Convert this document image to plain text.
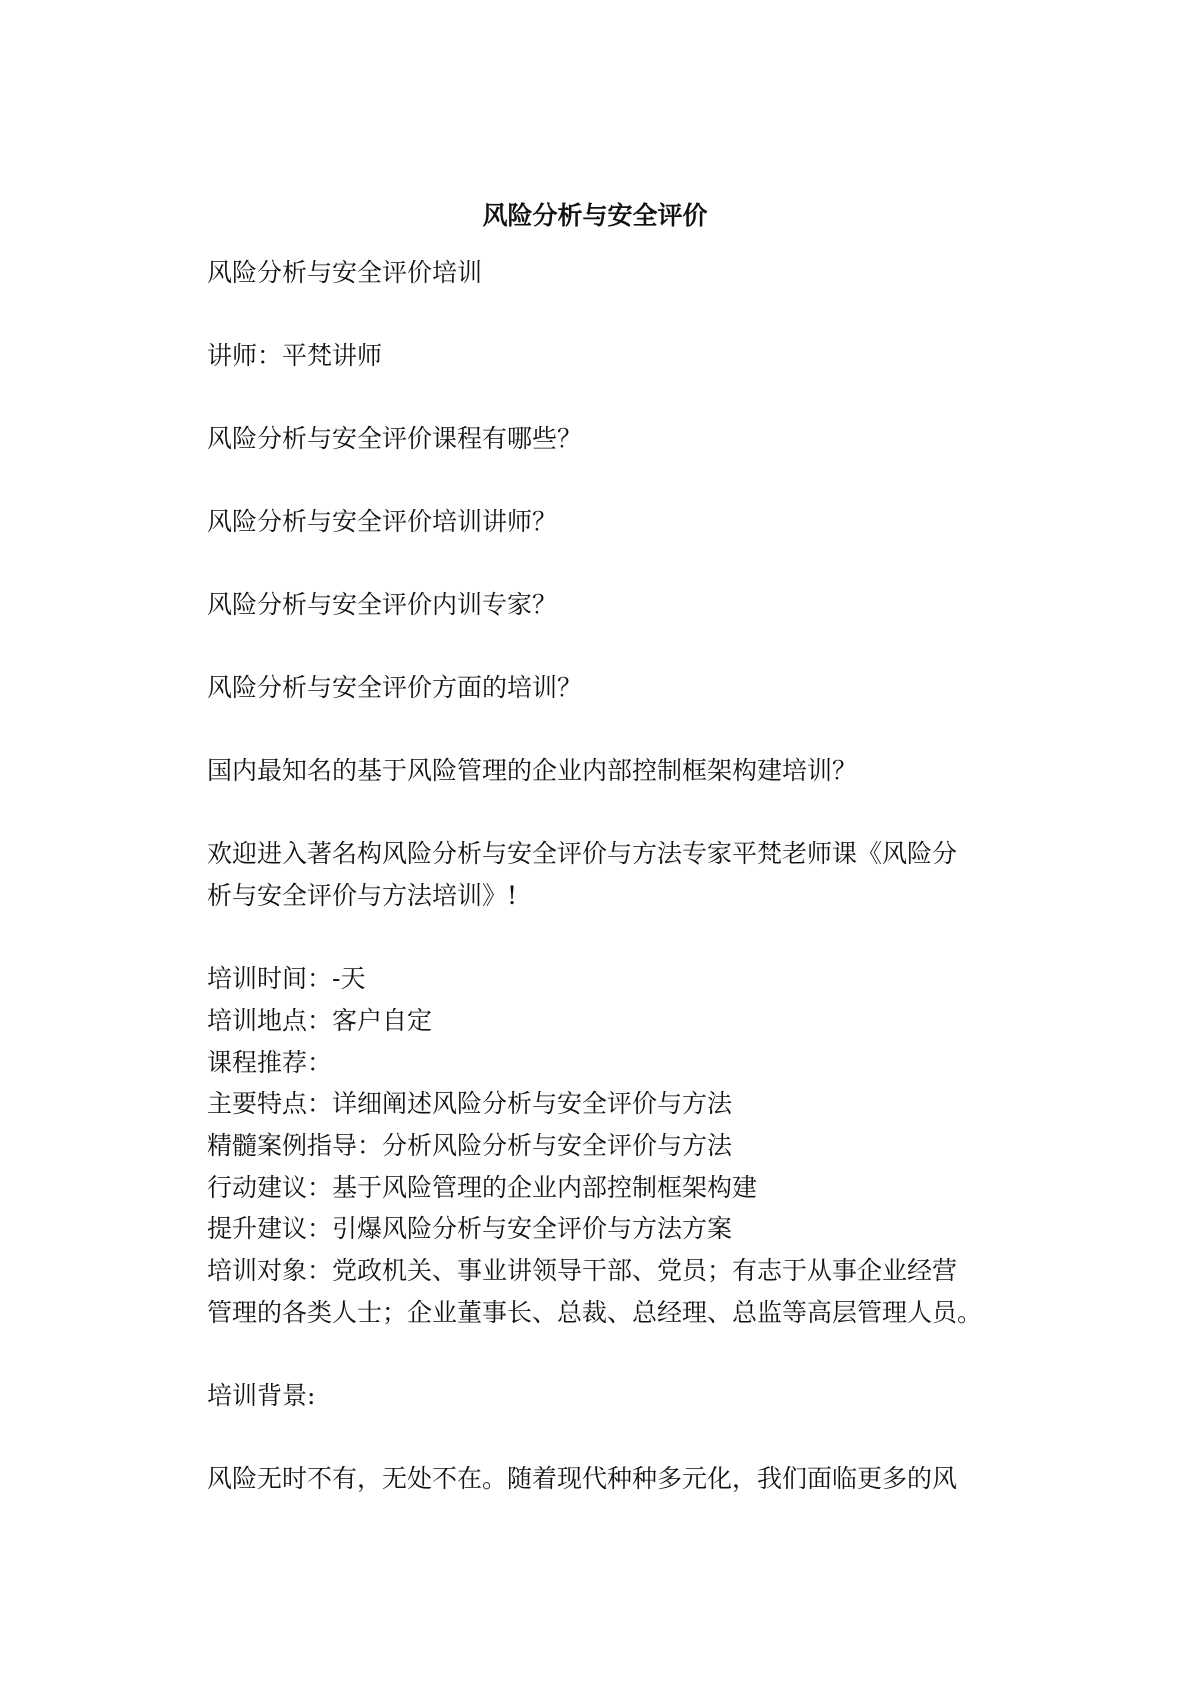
风险分析与安全评价

风险分析与安全评价培训

讲师：平梵讲师

风险分析与安全评价课程有哪些？

风险分析与安全评价培训讲师？

风险分析与安全评价内训专家？

风险分析与安全评价方面的培训？

国内最知名的基于风险管理的企业内部控制框架构建培训？

欢迎进入著名构风险分析与安全评价与方法专家平梵老师课《风险分

析与安全评价与方法培训》!

培训时间：-天

培训地点：客户自定

课程推荐：

主要特点：详细阐述风险分析与安全评价与方法

精髓案例指导：分析风险分析与安全评价与方法

行动建议：基于风险管理的企业内部控制框架构建

提升建议：引爆风险分析与安全评价与方法方案

培训对象：党政机关、事业讲领导干部、党员；有志于从事企业经营

管理的各类人士；企业董事长、总裁、总经理、总监等高层管理人员。

培训背景:

风险无时不有，无处不在。随着现代种种多元化，我们面临更多的风
